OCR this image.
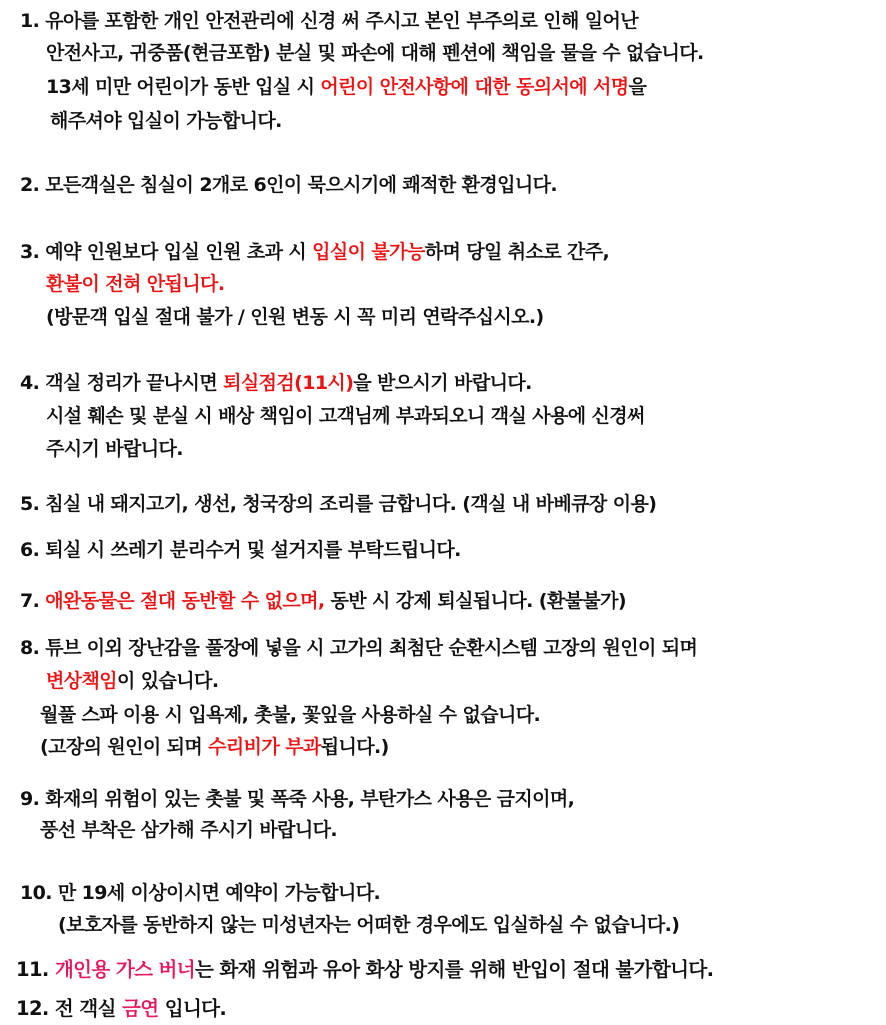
1. 유아를 포함한 개인 안전관리에 신경 써 주시고 본인 부주의로 인해 일어난
안전사고, 귀중품(현금포함) 분실 및 파손에 대해 펜션에 책임을 물을 수 없습니다.
13세 미만 어린이가 동반 입실 시 어린이 안전사항에 대한 동의서에 서명을
해주셔야 입실이 가능합니다.
2. 모든객실은 침실이 2개로 6인이 묵으시기에 쾌적한 환경입니다.
3. 예약 인원보다 입실 인원 초과 시 입실이 불가능하며 당일 취소로 간주,
환불이 전혀 안됩니다.
(방문객 입실 절대 불가 / 인원 변동 시 꼭 미리 연락주십시오.)
4. 객실 정리가 끝나시면 퇴실점검(11시)을 받으시기 바랍니다.
시설 훼손 및 분실 시 배상 책임이 고객님께 부과되오니 객실 사용에 신경써
주시기 바랍니다.
5. 침실 내 돼지고기, 생선, 청국장의 조리를 금합니다. (객실 내 바베큐장 이용)
6. 퇴실 시 쓰레기 분리수거 및 설거지를 부탁드립니다.
7. 애완동물은 절대 동반할 수 없으며, 동반 시 강제 퇴실됩니다. (환불불가)
8. 튜브 이외 장난감을 풀장에 넣을 시 고가의 최첨단 순환시스템 고장의 원인이 되며
변상책임이 있습니다.
월풀 스파 이용 시 입욕제, 촛불, 꽃잎을 사용하실 수 없습니다.
(고장의 원인이 되며 수리비가 부과됩니다.)
9. 화재의 위험이 있는 촛불 및 폭죽 사용, 부탄가스 사용은 금지이며,
풍선 부착은 삼가해 주시기 바랍니다.
10. 만 19세 이상이시면 예약이 가능합니다.
(보호자를 동반하지 않는 미성년자는 어떠한 경우에도 입실하실 수 없습니다.)
11. 개인용 가스 버너는 화재 위험과 유아 화상 방지를 위해 반입이 절대 불가합니다.
12. 전 객실 금연 입니다.
